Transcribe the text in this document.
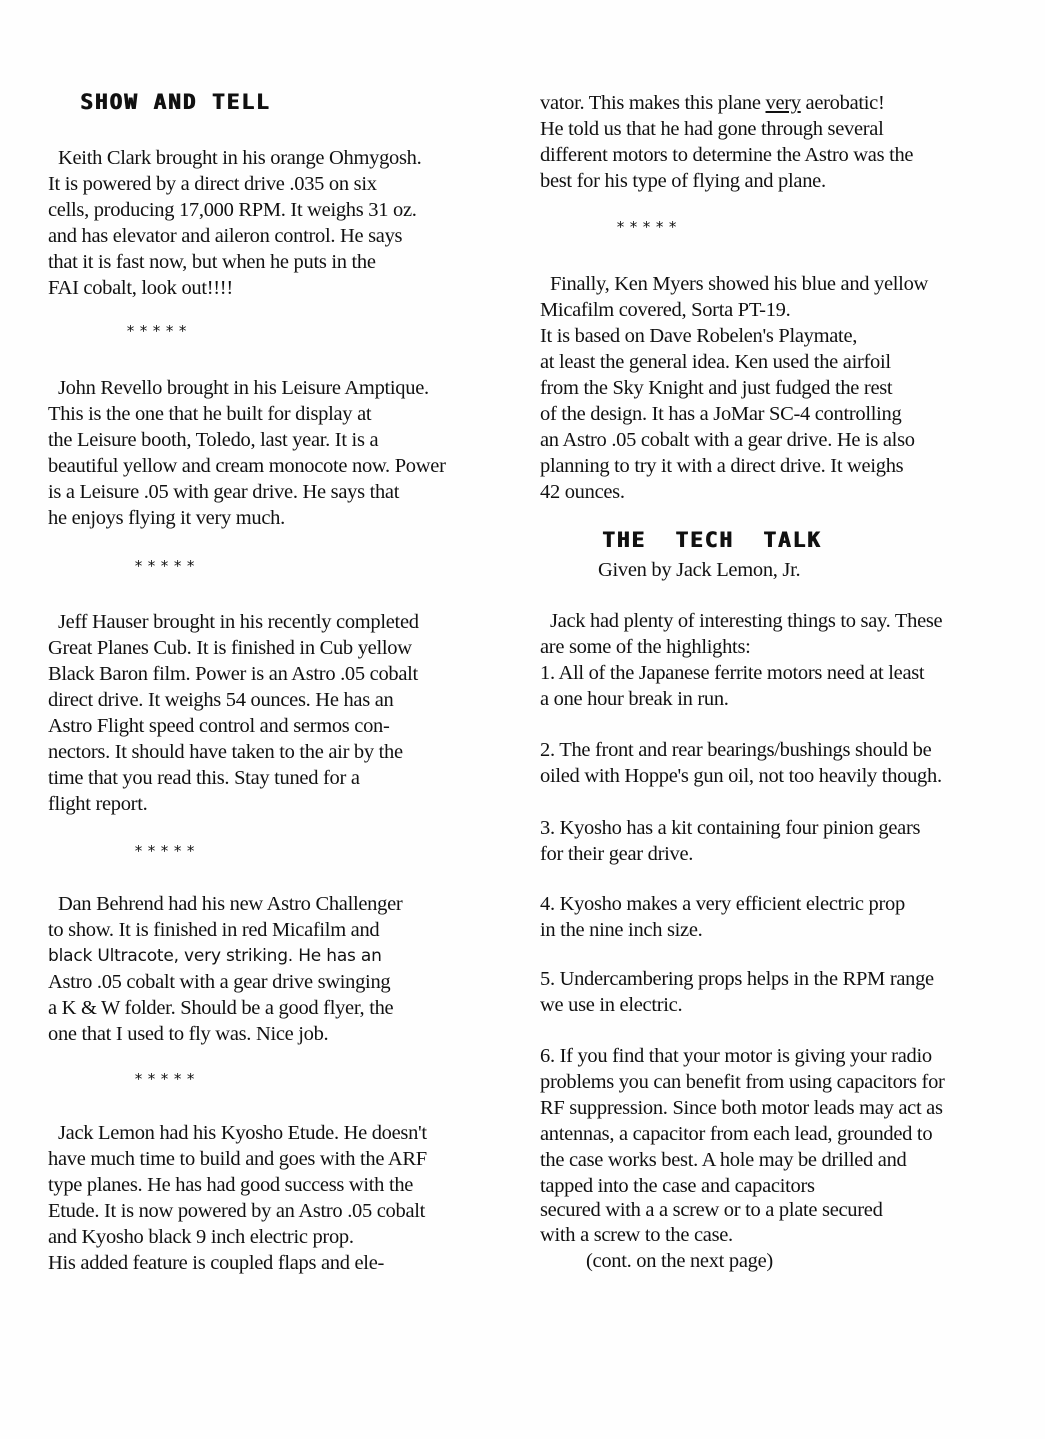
SHOW AND TELL
Keith Clark brought in his orange Ohmygosh.
It is powered by a direct drive .035 on six
cells, producing 17,000 RPM. It weighs 31 oz.
and has elevator and aileron control. He says
that it is fast now, but when he puts in the
FAI cobalt, look out!!!!
*****
John Revello brought in his Leisure Amptique.
This is the one that he built for display at
the Leisure booth, Toledo, last year. It is a
beautiful yellow and cream monocote now. Power
is a Leisure .05 with gear drive. He says that
he enjoys flying it very much.
*****
Jeff Hauser brought in his recently completed
Great Planes Cub. It is finished in Cub yellow
Black Baron film. Power is an Astro .05 cobalt
direct drive. It weighs 54 ounces. He has an
Astro Flight speed control and sermos con-
nectors. It should have taken to the air by the
time that you read this. Stay tuned for a
flight report.
*****
Dan Behrend had his new Astro Challenger
to show. It is finished in red Micafilm and
black Ultracote, very striking. He has an
Astro .05 cobalt with a gear drive swinging
a K & W folder. Should be a good flyer, the
one that I used to fly was. Nice job.
*****
Jack Lemon had his Kyosho Etude. He doesn't
have much time to build and goes with the ARF
type planes. He has had good success with the
Etude. It is now powered by an Astro .05 cobalt
and Kyosho black 9 inch electric prop.
His added feature is coupled flaps and ele-
vator. This makes this plane very aerobatic!
He told us that he had gone through several
different motors to determine the Astro was the
best for his type of flying and plane.
*****
Finally, Ken Myers showed his blue and yellow
Micafilm covered, Sorta PT-19.
It is based on Dave Robelen's Playmate,
at least the general idea. Ken used the airfoil
from the Sky Knight and just fudged the rest
of the design. It has a JoMar SC-4 controlling
an Astro .05 cobalt with a gear drive. He is also
planning to try it with a direct drive. It weighs
42 ounces.
THE  TECH  TALK
Given by Jack Lemon, Jr.
Jack had plenty of interesting things to say. These
are some of the highlights:
1. All of the Japanese ferrite motors need at least
a one hour break in run.
2. The front and rear bearings/bushings should be
oiled with Hoppe's gun oil, not too heavily though.
3. Kyosho has a kit containing four pinion gears
for their gear drive.
4. Kyosho makes a very efficient electric prop
in the nine inch size.
5. Undercambering props helps in the RPM range
we use in electric.
6. If you find that your motor is giving your radio
problems you can benefit from using capacitors for
RF suppression. Since both motor leads may act as
antennas, a capacitor from each lead, grounded to
the case works best. A hole may be drilled and
tapped into the case and capacitors
secured with a a screw or to a plate secured
with a screw to the case.
(cont. on the next page)
